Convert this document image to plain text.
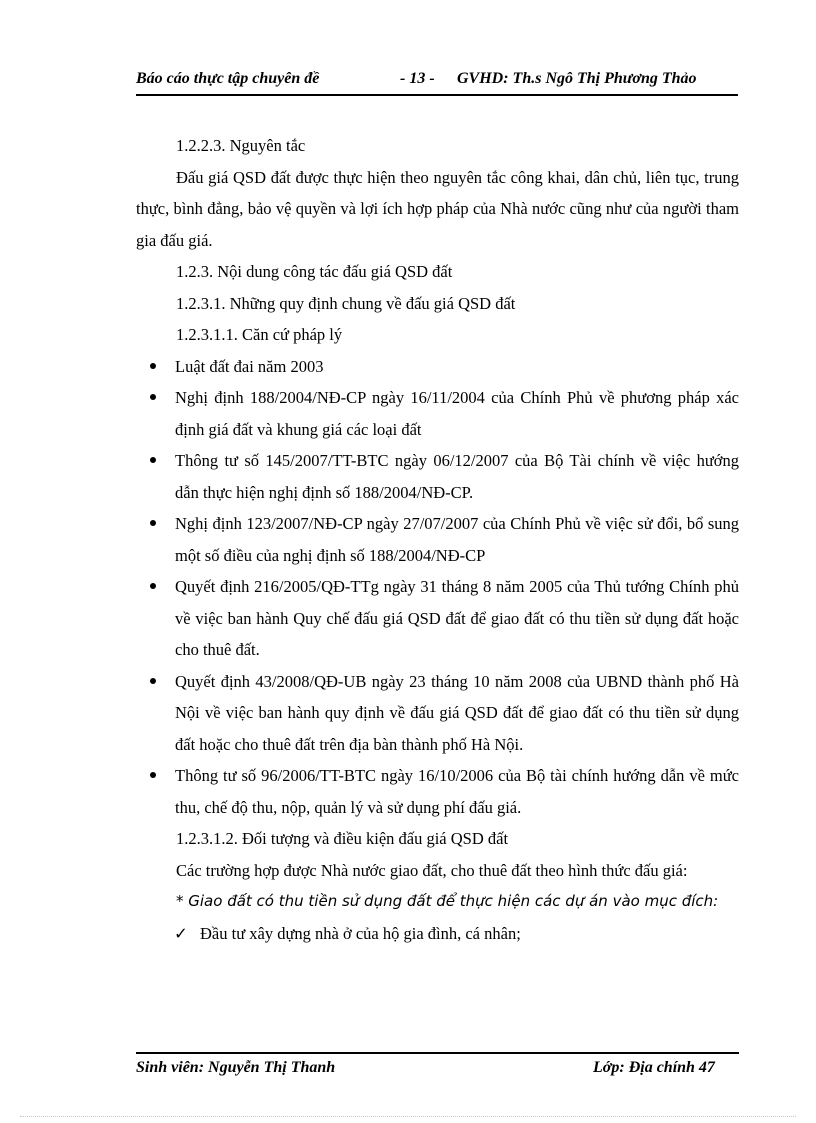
Báo cáo thực tập chuyên đề	- 13 - GVHD: Th.s Ngô Thị Phương Thảo

1.2.2.3. Nguyên tắc

Đấu giá QSD đất được thực hiện theo nguyên tắc công khai, dân chủ, liên tục, trung thực, bình đẳng, bảo vệ quyền và lợi ích hợp pháp của Nhà nước cũng như của người tham gia đấu giá.

1.2.3. Nội dung công tác đấu giá QSD đất

1.2.3.1. Những quy định chung về đấu giá QSD đất

1.2.3.1.1. Căn cứ pháp lý

Luật đất đai năm 2003
Nghị định 188/2004/NĐ-CP ngày 16/11/2004 của Chính Phủ về phương pháp xác định giá đất và khung giá các loại đất
Thông tư số 145/2007/TT-BTC ngày 06/12/2007 của Bộ Tài chính về việc hướng dẫn thực hiện nghị định số 188/2004/NĐ-CP.
Nghị định 123/2007/NĐ-CP ngày 27/07/2007 của Chính Phủ về việc sử đổi, bổ sung một số điều của nghị định số 188/2004/NĐ-CP
Quyết định 216/2005/QĐ-TTg ngày 31 tháng 8 năm 2005 của Thủ tướng Chính phủ về việc ban hành Quy chế đấu giá QSD đất để giao đất có thu tiền sử dụng đất hoặc cho thuê đất.
Quyết định 43/2008/QĐ-UB ngày 23 tháng 10 năm 2008 của UBND thành phố Hà Nội về việc ban hành quy định về đấu giá QSD đất để giao đất có thu tiền sử dụng đất hoặc cho thuê đất trên địa bàn thành phố Hà Nội.
Thông tư số 96/2006/TT-BTC ngày 16/10/2006 của Bộ tài chính hướng dẫn về mức thu, chế độ thu, nộp, quản lý và sử dụng phí đấu giá.

1.2.3.1.2. Đối tượng và điều kiện đấu giá QSD đất

Các trường hợp được Nhà nước giao đất, cho thuê đất theo hình thức đấu giá:

* Giao đất có thu tiền sử dụng đất để thực hiện các dự án vào mục đích:

✓ Đầu tư xây dựng nhà ở của hộ gia đình, cá nhân;
Sinh viên: Nguyễn Thị Thanh	Lớp: Địa chính 47
